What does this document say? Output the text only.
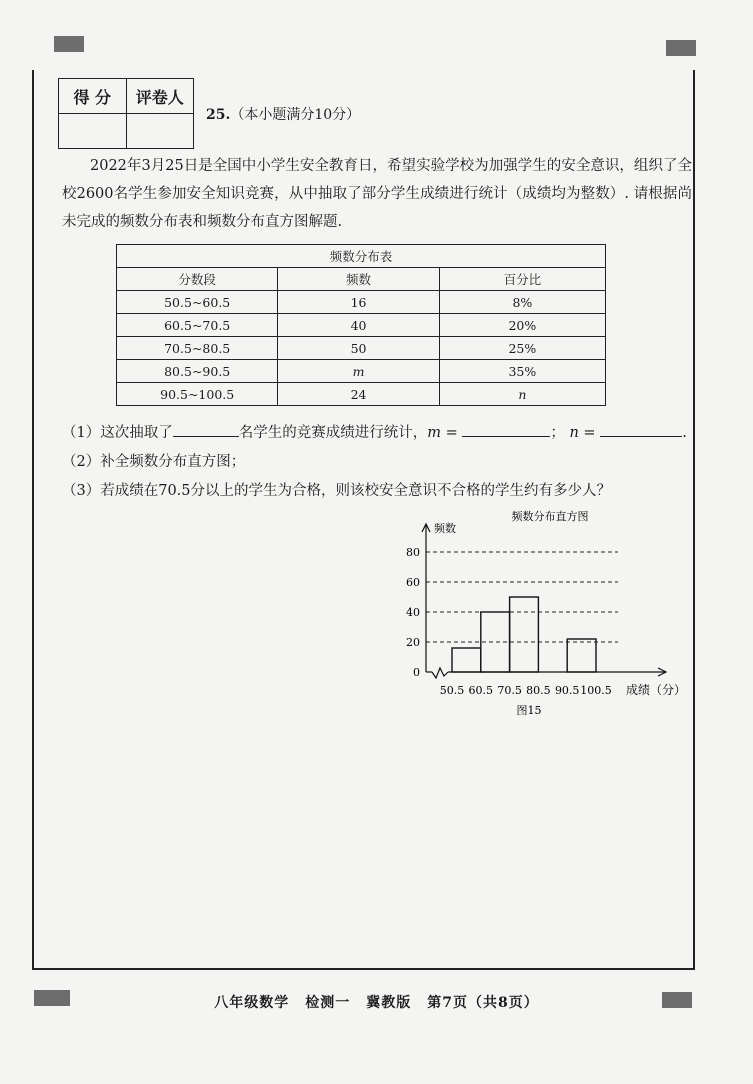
得 分	评卷人

25.（本小题满分10分）
2022年3月25日是全国中小学生安全教育日，希望实验学校为加强学生的安全意识，组织了全校2600名学生参加安全知识竞赛，从中抽取了部分学生成绩进行统计（成绩均为整数）. 请根据尚未完成的频数分布表和频数分布直方图解题.
频数分布表		
分数段	频数	百分比
50.5~60.5	16	8%
60.5~70.5	40	20%
70.5~80.5	50	25%
80.5~90.5	m	35%
90.5~100.5	24	n
（1）这次抽取了	名学生的竞赛成绩进行统计，m =	； n =	.
（2）补全频数分布直方图；
（3）若成绩在70.5分以上的学生为合格，则该校安全意识不合格的学生约有多少人？
频数分布直方图
0
20
40
60
80
频数
50.5 60.5 70.5 80.5 90.5 100.5 成绩（分）
图15
八年级数学 检测一 冀教版 第7页（共8页）
